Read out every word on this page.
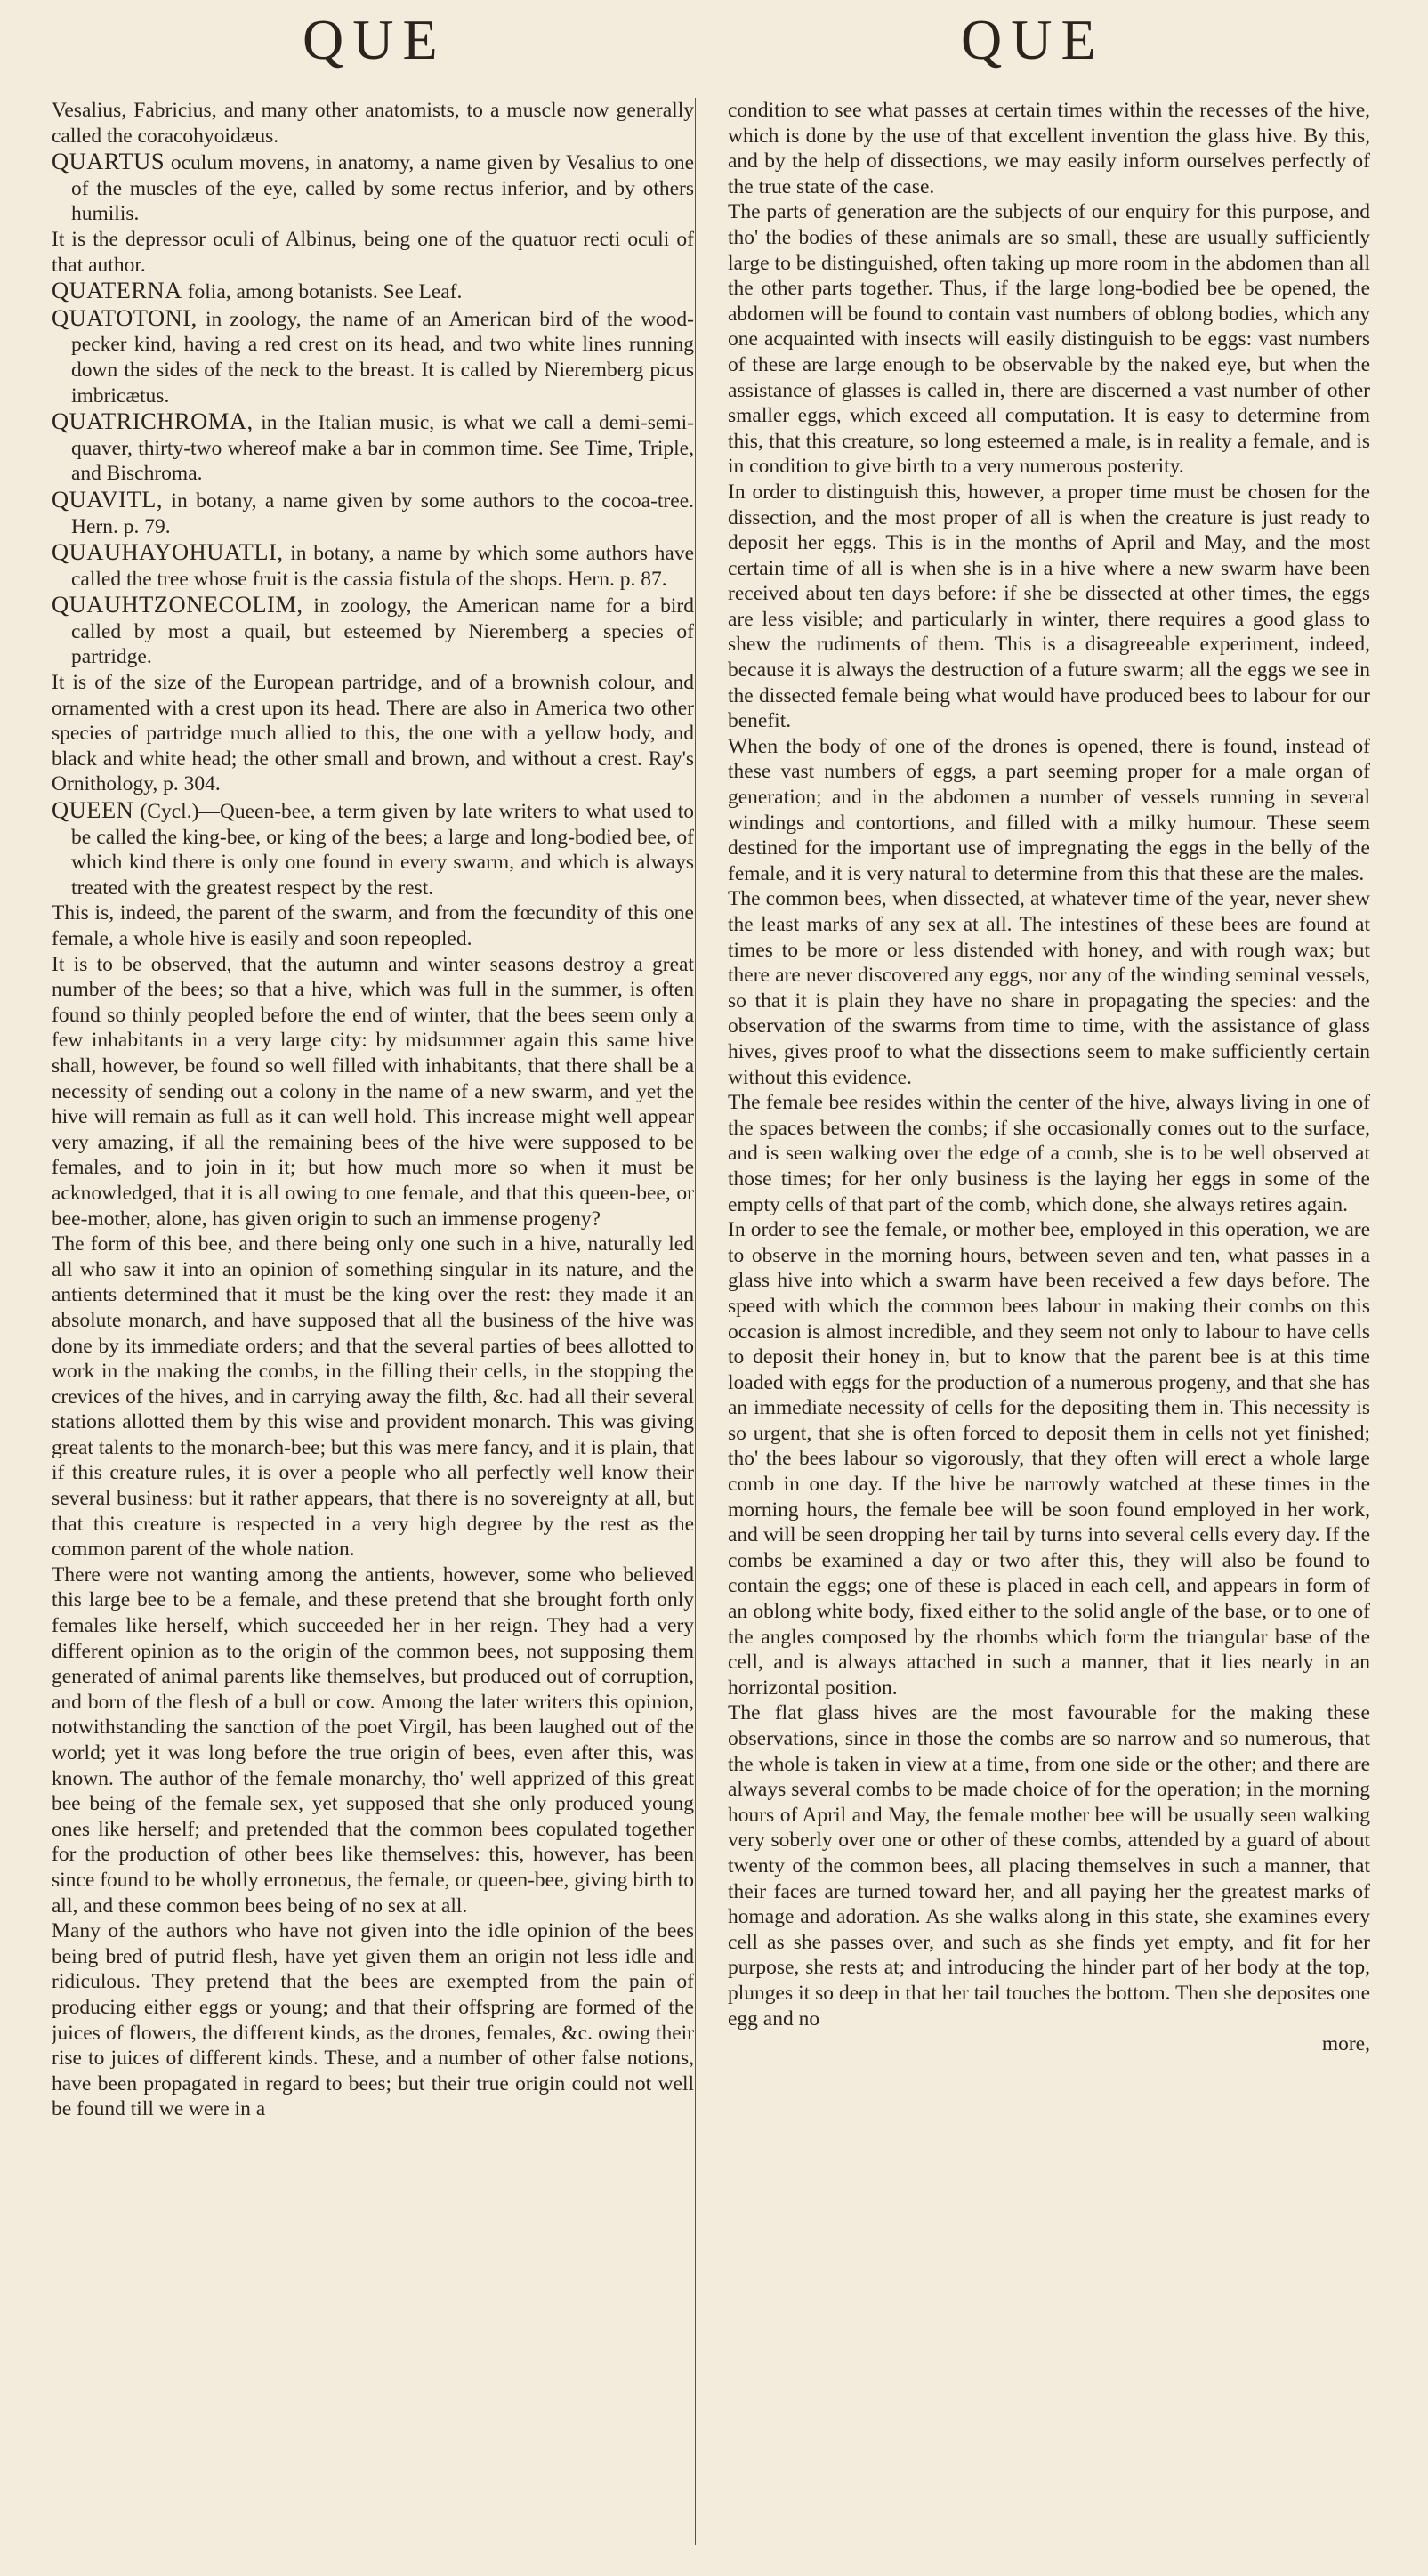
QUE	QUE

Vesalius, Fabricius, and many other anatomists, to a muscle now generally called the coracohyoidæus.

QUARTUS oculum movens, in anatomy, a name given by Vesalius to one of the muscles of the eye, called by some rectus inferior, and by others humilis.

It is the depressor oculi of Albinus, being one of the quatuor recti oculi of that author.

QUATERNA folia, among botanists. See Leaf.

QUATOTONI, in zoology, the name of an American bird of the wood-pecker kind, having a red crest on its head, and two white lines running down the sides of the neck to the breast. It is called by Nieremberg picus imbricætus.

QUATRICHROMA, in the Italian music, is what we call a demi-semi-quaver, thirty-two whereof make a bar in common time. See Time, Triple, and Bischroma.

QUAVITL, in botany, a name given by some authors to the cocoa-tree. Hern. p. 79.

QUAUHAYOHUATLI, in botany, a name by which some authors have called the tree whose fruit is the cassia fistula of the shops. Hern. p. 87.

QUAUHTZONECOLIM, in zoology, the American name for a bird called by most a quail, but esteemed by Nieremberg a species of partridge.

It is of the size of the European partridge, and of a brownish colour, and ornamented with a crest upon its head. There are also in America two other species of partridge much allied to this, the one with a yellow body, and black and white head; the other small and brown, and without a crest. Ray's Ornithology, p. 304.

QUEEN (Cycl.)—Queen-bee, a term given by late writers to what used to be called the king-bee, or king of the bees; a large and long-bodied bee, of which kind there is only one found in every swarm, and which is always treated with the greatest respect by the rest.

This is, indeed, the parent of the swarm, and from the fœcundity of this one female, a whole hive is easily and soon repeopled.

It is to be observed, that the autumn and winter seasons destroy a great number of the bees; so that a hive, which was full in the summer, is often found so thinly peopled before the end of winter, that the bees seem only a few inhabitants in a very large city: by midsummer again this same hive shall, however, be found so well filled with inhabitants, that there shall be a necessity of sending out a colony in the name of a new swarm, and yet the hive will remain as full as it can well hold. This increase might well appear very amazing, if all the remaining bees of the hive were supposed to be females, and to join in it; but how much more so when it must be acknowledged, that it is all owing to one female, and that this queen-bee, or bee-mother, alone, has given origin to such an immense progeny?

The form of this bee, and there being only one such in a hive, naturally led all who saw it into an opinion of something singular in its nature, and the antients determined that it must be the king over the rest: they made it an absolute monarch, and have supposed that all the business of the hive was done by its immediate orders; and that the several parties of bees allotted to work in the making the combs, in the filling their cells, in the stopping the crevices of the hives, and in carrying away the filth, &c. had all their several stations allotted them by this wise and provident monarch. This was giving great talents to the monarch-bee; but this was mere fancy, and it is plain, that if this creature rules, it is over a people who all perfectly well know their several business: but it rather appears, that there is no sovereignty at all, but that this creature is respected in a very high degree by the rest as the common parent of the whole nation.

There were not wanting among the antients, however, some who believed this large bee to be a female, and these pretend that she brought forth only females like herself, which succeeded her in her reign. They had a very different opinion as to the origin of the common bees, not supposing them generated of animal parents like themselves, but produced out of corruption, and born of the flesh of a bull or cow. Among the later writers this opinion, notwithstanding the sanction of the poet Virgil, has been laughed out of the world; yet it was long before the true origin of bees, even after this, was known. The author of the female monarchy, tho' well apprized of this great bee being of the female sex, yet supposed that she only produced young ones like herself; and pretended that the common bees copulated together for the production of other bees like themselves: this, however, has been since found to be wholly erroneous, the female, or queen-bee, giving birth to all, and these common bees being of no sex at all.

Many of the authors who have not given into the idle opinion of the bees being bred of putrid flesh, have yet given them an origin not less idle and ridiculous. They pretend that the bees are exempted from the pain of producing either eggs or young; and that their offspring are formed of the juices of flowers, the different kinds, as the drones, females, &c. owing their rise to juices of different kinds. These, and a number of other false notions, have been propagated in regard to bees; but their true origin could not well be found till we were in a

condition to see what passes at certain times within the recesses of the hive, which is done by the use of that excellent invention the glass hive. By this, and by the help of dissections, we may easily inform ourselves perfectly of the true state of the case.

The parts of generation are the subjects of our enquiry for this purpose, and tho' the bodies of these animals are so small, these are usually sufficiently large to be distinguished, often taking up more room in the abdomen than all the other parts together. Thus, if the large long-bodied bee be opened, the abdomen will be found to contain vast numbers of oblong bodies, which any one acquainted with insects will easily distinguish to be eggs: vast numbers of these are large enough to be observable by the naked eye, but when the assistance of glasses is called in, there are discerned a vast number of other smaller eggs, which exceed all computation. It is easy to determine from this, that this creature, so long esteemed a male, is in reality a female, and is in condition to give birth to a very numerous posterity.

In order to distinguish this, however, a proper time must be chosen for the dissection, and the most proper of all is when the creature is just ready to deposit her eggs. This is in the months of April and May, and the most certain time of all is when she is in a hive where a new swarm have been received about ten days before: if she be dissected at other times, the eggs are less visible; and particularly in winter, there requires a good glass to shew the rudiments of them. This is a disagreeable experiment, indeed, because it is always the destruction of a future swarm; all the eggs we see in the dissected female being what would have produced bees to labour for our benefit.

When the body of one of the drones is opened, there is found, instead of these vast numbers of eggs, a part seeming proper for a male organ of generation; and in the abdomen a number of vessels running in several windings and contortions, and filled with a milky humour. These seem destined for the important use of impregnating the eggs in the belly of the female, and it is very natural to determine from this that these are the males.

The common bees, when dissected, at whatever time of the year, never shew the least marks of any sex at all. The intestines of these bees are found at times to be more or less distended with honey, and with rough wax; but there are never discovered any eggs, nor any of the winding seminal vessels, so that it is plain they have no share in propagating the species: and the observation of the swarms from time to time, with the assistance of glass hives, gives proof to what the dissections seem to make sufficiently certain without this evidence.

The female bee resides within the center of the hive, always living in one of the spaces between the combs; if she occasionally comes out to the surface, and is seen walking over the edge of a comb, she is to be well observed at those times; for her only business is the laying her eggs in some of the empty cells of that part of the comb, which done, she always retires again.

In order to see the female, or mother bee, employed in this operation, we are to observe in the morning hours, between seven and ten, what passes in a glass hive into which a swarm have been received a few days before. The speed with which the common bees labour in making their combs on this occasion is almost incredible, and they seem not only to labour to have cells to deposit their honey in, but to know that the parent bee is at this time loaded with eggs for the production of a numerous progeny, and that she has an immediate necessity of cells for the depositing them in. This necessity is so urgent, that she is often forced to deposit them in cells not yet finished; tho' the bees labour so vigorously, that they often will erect a whole large comb in one day. If the hive be narrowly watched at these times in the morning hours, the female bee will be soon found employed in her work, and will be seen dropping her tail by turns into several cells every day. If the combs be examined a day or two after this, they will also be found to contain the eggs; one of these is placed in each cell, and appears in form of an oblong white body, fixed either to the solid angle of the base, or to one of the angles composed by the rhombs which form the triangular base of the cell, and is always attached in such a manner, that it lies nearly in an horrizontal position.

The flat glass hives are the most favourable for the making these observations, since in those the combs are so narrow and so numerous, that the whole is taken in view at a time, from one side or the other; and there are always several combs to be made choice of for the operation; in the morning hours of April and May, the female mother bee will be usually seen walking very soberly over one or other of these combs, attended by a guard of about twenty of the common bees, all placing themselves in such a manner, that their faces are turned toward her, and all paying her the greatest marks of homage and adoration. As she walks along in this state, she examines every cell as she passes over, and such as she finds yet empty, and fit for her purpose, she rests at; and introducing the hinder part of her body at the top, plunges it so deep in that her tail touches the bottom. Then she deposites one egg and no

more,
